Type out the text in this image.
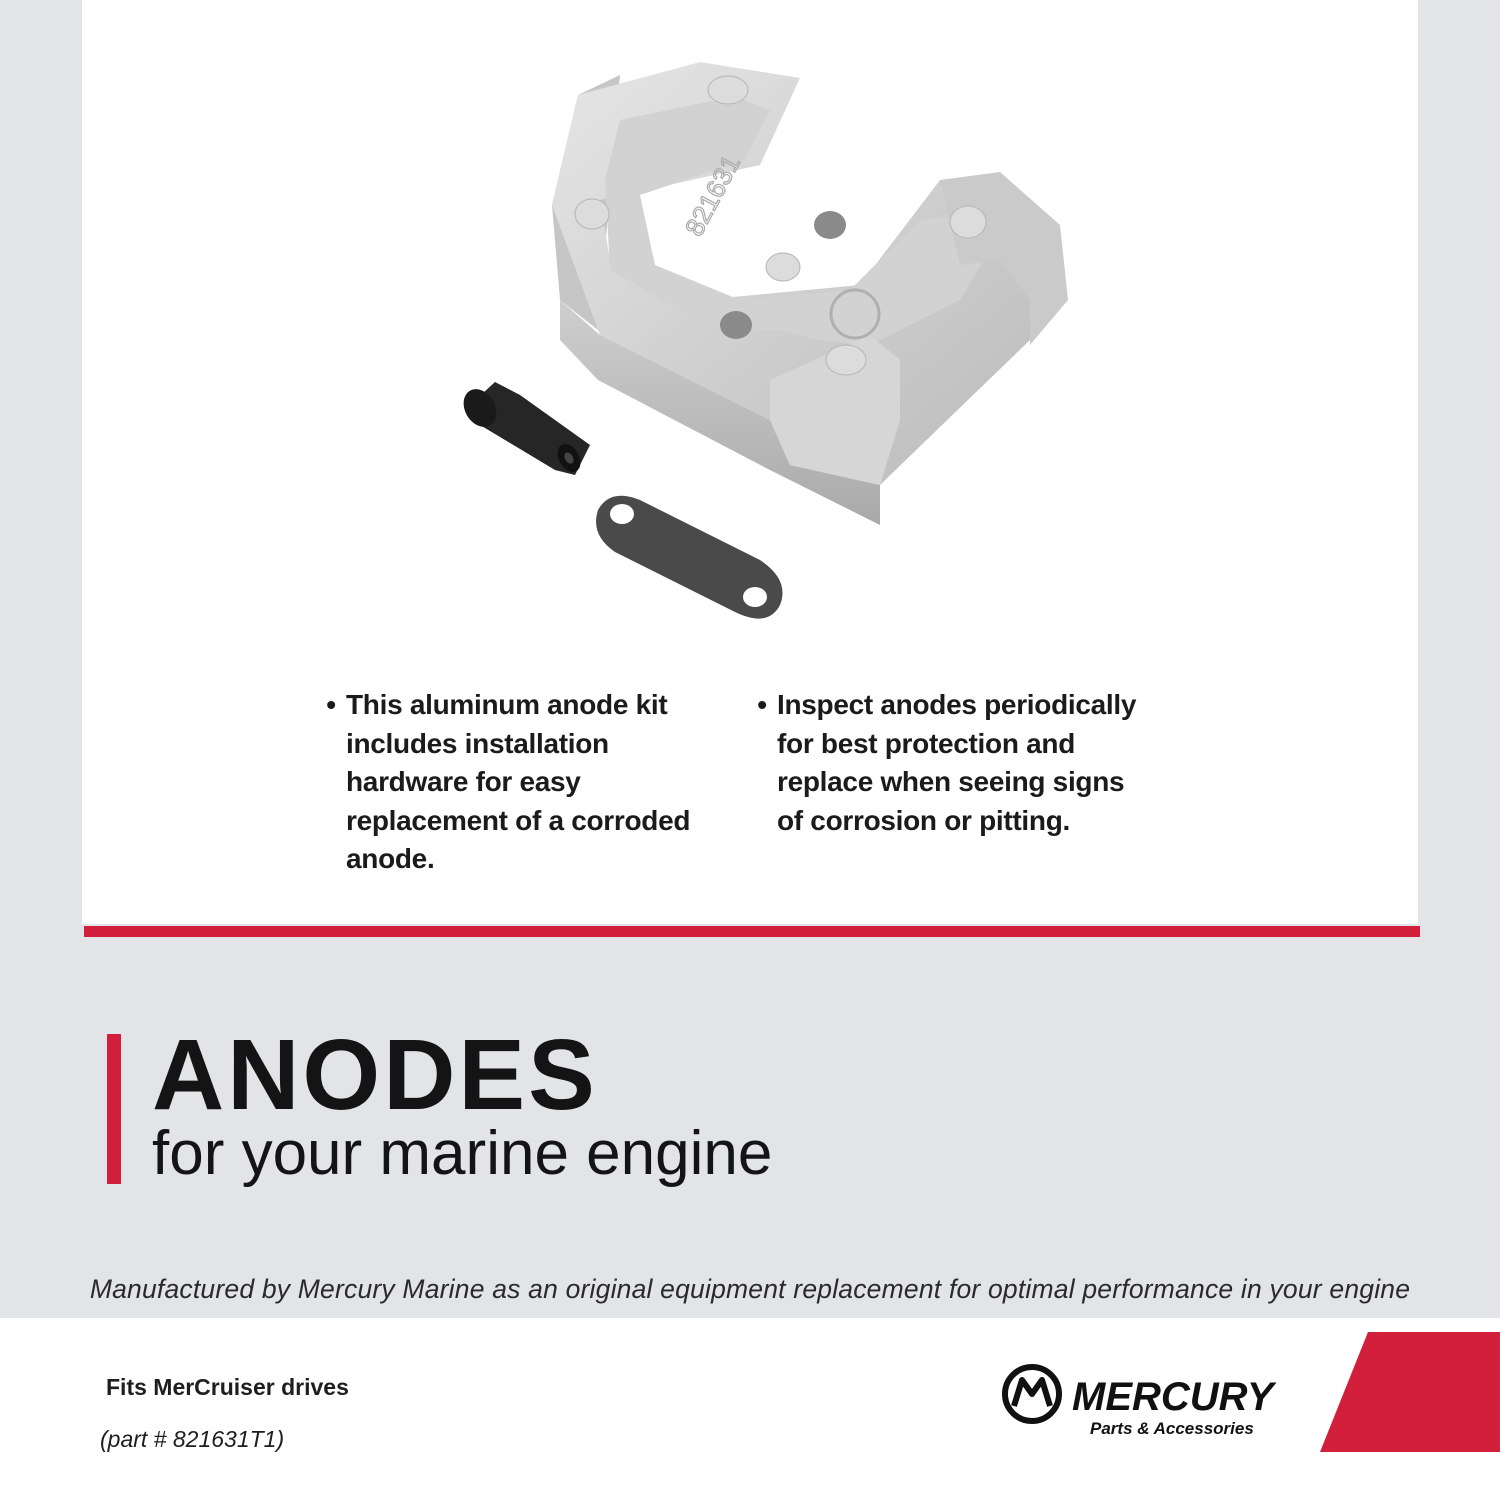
821631
• This aluminum anode kit includes installation hardware for easy replacement of a corroded anode.
• Inspect anodes periodically for best protection and replace when seeing signs of corrosion or pitting.
ANODES
for your marine engine
Manufactured by Mercury Marine as an original equipment replacement for optimal performance in your engine
Fits MerCruiser drives
(part # 821631T1)
MERCURY
Parts & Accessories
